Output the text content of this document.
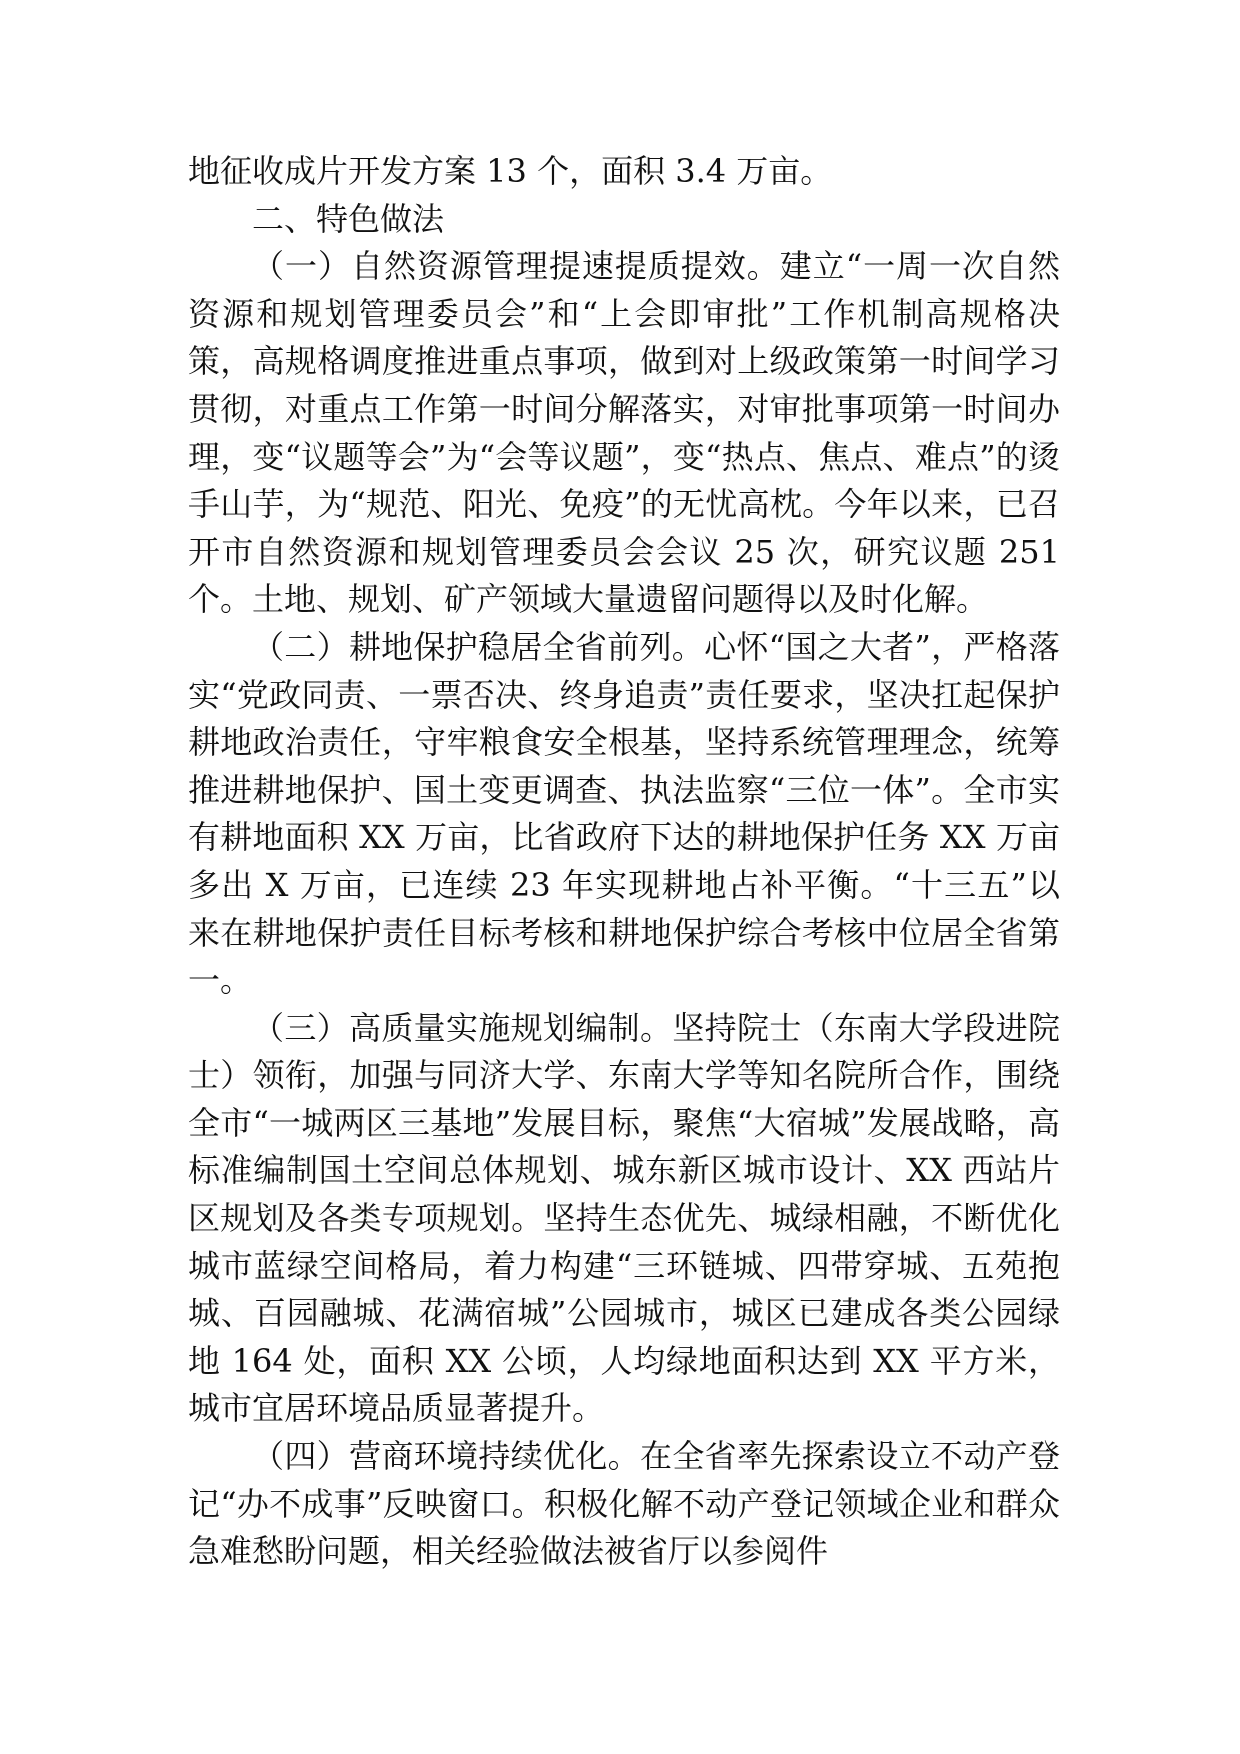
地征收成片开发方案 13 个，面积 3.4 万亩。

二、特色做法

（一）自然资源管理提速提质提效。建立“一周一次自然资源和规划管理委员会”和“上会即审批”工作机制高规格决策，高规格调度推进重点事项，做到对上级政策第一时间学习贯彻，对重点工作第一时间分解落实，对审批事项第一时间办理，变“议题等会”为“会等议题”，变“热点、焦点、难点”的烫手山芋，为“规范、阳光、免疫”的无忧高枕。今年以来，已召开市自然资源和规划管理委员会会议 25 次，研究议题 251 个。土地、规划、矿产领域大量遗留问题得以及时化解。

（二）耕地保护稳居全省前列。心怀“国之大者”，严格落实“党政同责、一票否决、终身追责”责任要求，坚决扛起保护耕地政治责任，守牢粮食安全根基，坚持系统管理理念，统筹推进耕地保护、国土变更调查、执法监察“三位一体”。全市实有耕地面积 XX 万亩，比省政府下达的耕地保护任务 XX 万亩多出 X 万亩，已连续 23 年实现耕地占补平衡。“十三五”以来在耕地保护责任目标考核和耕地保护综合考核中位居全省第一。

（三）高质量实施规划编制。坚持院士（东南大学段进院士）领衔，加强与同济大学、东南大学等知名院所合作，围绕全市“一城两区三基地”发展目标，聚焦“大宿城”发展战略，高标准编制国土空间总体规划、城东新区城市设计、XX 西站片区规划及各类专项规划。坚持生态优先、城绿相融，不断优化城市蓝绿空间格局，着力构建“三环链城、四带穿城、五苑抱城、百园融城、花满宿城”公园城市，城区已建成各类公园绿地 164 处，面积 XX 公顷，人均绿地面积达到 XX 平方米，城市宜居环境品质显著提升。

（四）营商环境持续优化。在全省率先探索设立不动产登记“办不成事”反映窗口。积极化解不动产登记领域企业和群众急难愁盼问题，相关经验做法被省厅以参阅件
